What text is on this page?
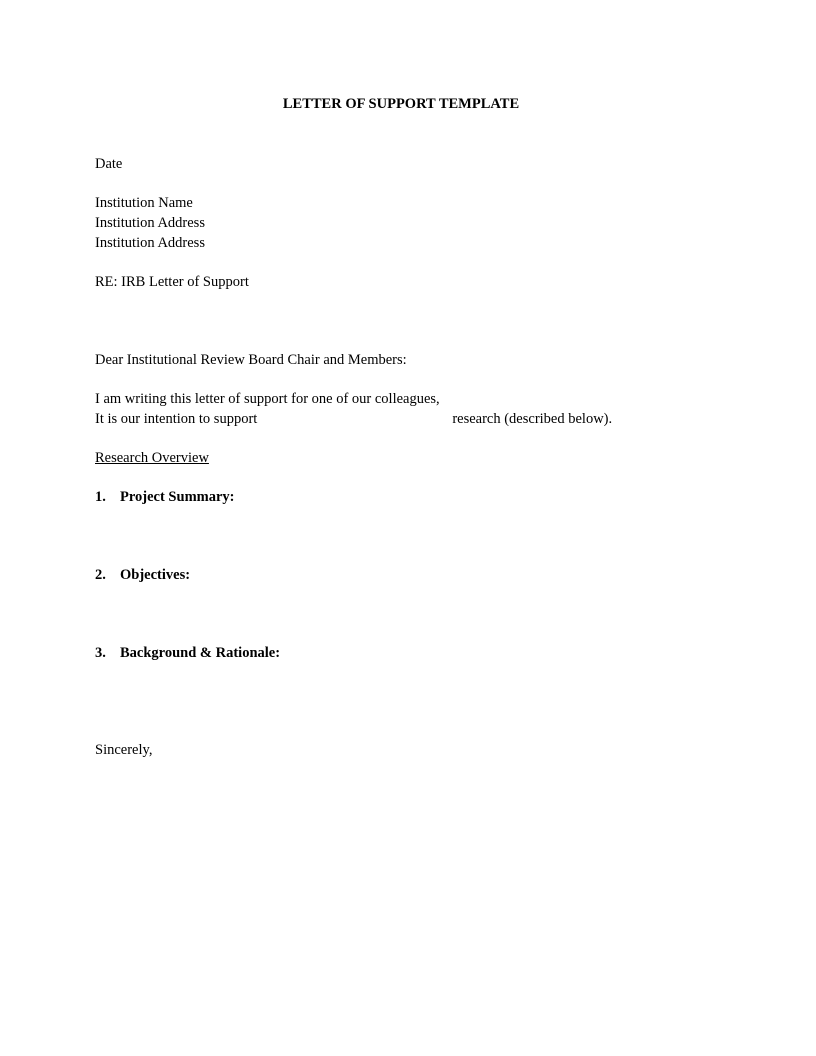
LETTER OF SUPPORT TEMPLATE
Date
Institution Name
Institution Address
Institution Address
RE: IRB Letter of Support
Dear Institutional Review Board Chair and Members:
I am writing this letter of support for one of our colleagues,
It is our intention to support	research (described below).
Research Overview
1. Project Summary:
2. Objectives:
3. Background & Rationale:
Sincerely,
